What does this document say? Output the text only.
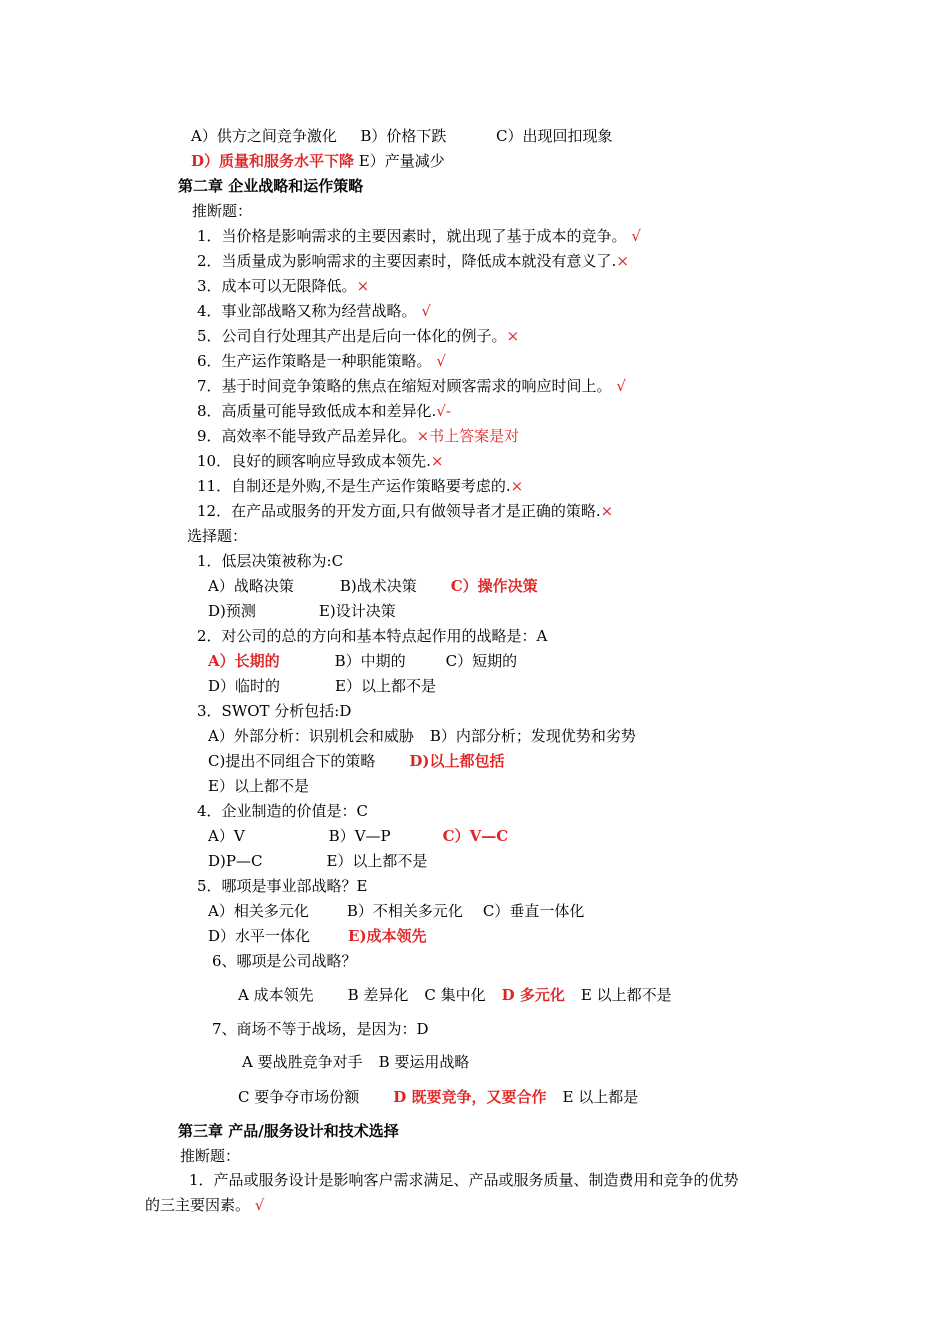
A）供方之间竞争激化 B）价格下跌	C）出现回扣现象
D）质量和服务水平下降 E）产量减少
第二章 企业战略和运作策略
推断题：
1．当价格是影响需求的主要因素时，就出现了基于成本的竞争。 √
2．当质量成为影响需求的主要因素时，降低成本就没有意义了.×
3．成本可以无限降低。×
4．事业部战略又称为经营战略。 √
5．公司自行处理其产出是后向一体化的例子。×
6．生产运作策略是一种职能策略。 √
7．基于时间竞争策略的焦点在缩短对顾客需求的响应时间上。 √
8．高质量可能导致低成本和差异化.√-
9．高效率不能导致产品差异化。×书上答案是对
10．良好的顾客响应导致成本领先.×
11．自制还是外购,不是生产运作策略要考虑的.×
12．在产品或服务的开发方面,只有做领导者才是正确的策略.×
选择题：
1．低层决策被称为:C
A）战略决策	B)战术决策 C）操作决策
D)预测	E)设计决策
2．对公司的总的方向和基本特点起作用的战略是：A
A）长期的	B）中期的	C）短期的
D）临时的	E）以上都不是
3．SWOT 分析包括:D
A）外部分析：识别机会和威胁 B）内部分析；发现优势和劣势
C)提出不同组合下的策略 D)以上都包括
E）以上都不是
4．企业制造的价值是：C
A）V	B）V—P	C）V—C
D)P—C	E）以上都不是
5．哪项是事业部战略？E
A）相关多元化	B）不相关多元化 C）垂直一体化
D）水平一体化	E)成本领先
6、哪项是公司战略？
A 成本领先 B 差异化 C 集中化 D 多元化 E 以上都不是
7、商场不等于战场，是因为：D
A 要战胜竞争对手 B 要运用战略
C 要争夺市场份额 D 既要竞争，又要合作 E 以上都是
第三章 产品/服务设计和技术选择
推断题：
1．产品或服务设计是影响客户需求满足、产品或服务质量、制造费用和竞争的优势
的三主要因素。 √
